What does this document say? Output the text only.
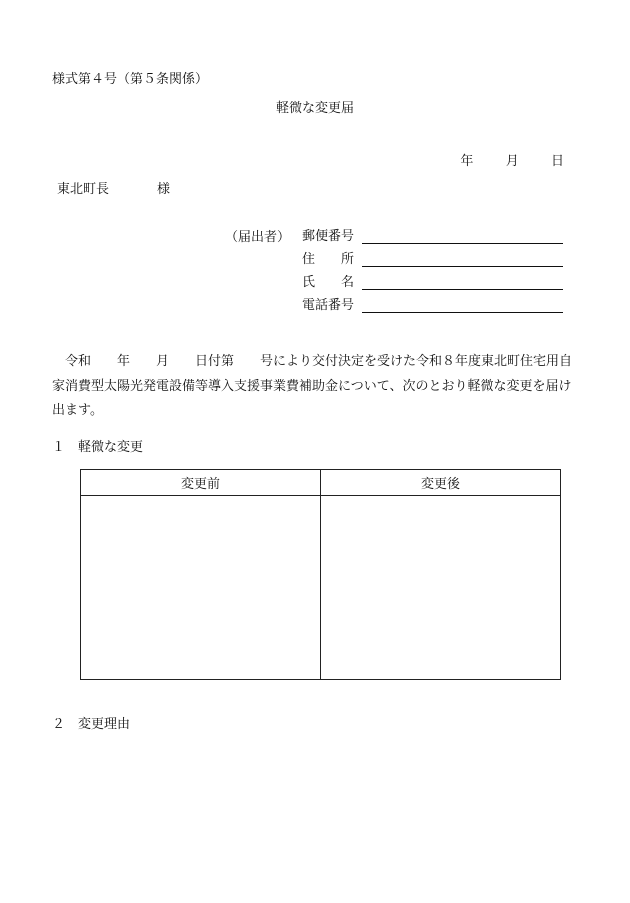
様式第４号（第５条関係）
軽微な変更届
年 月 日
東北町長	様
（届出者） 郵便番号
住　　所
氏　　名
電話番号
　令和　　年　　月　　日付第　　号により交付決定を受けた令和８年度東北町住宅用自家消費型太陽光発電設備等導入支援事業費補助金について、次のとおり軽微な変更を届け出ます。
１　軽微な変更
変更前	変更後

２　変更理由
